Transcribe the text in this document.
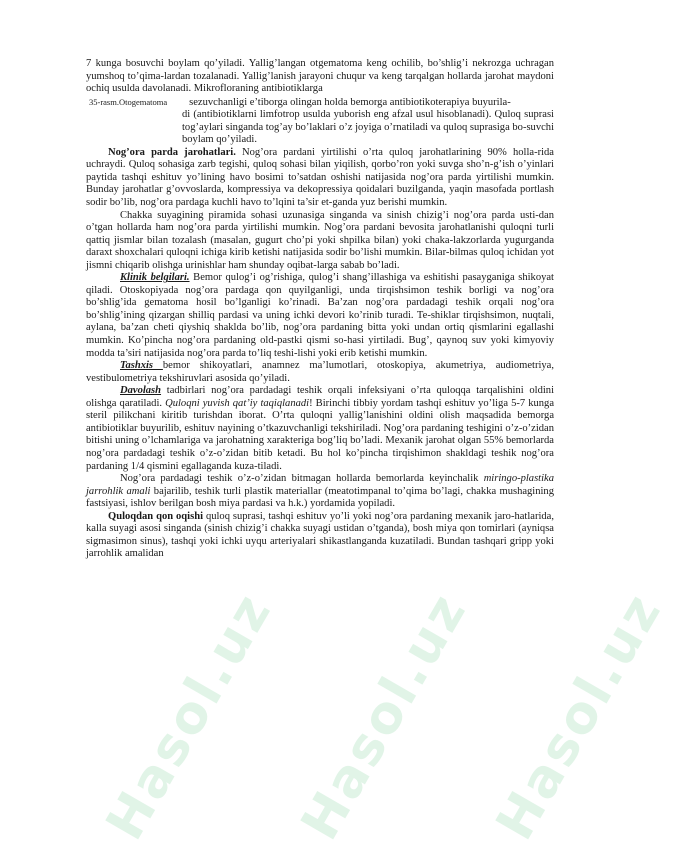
Hasol.uz Hasol.uz Hasol.uz

7 kunga bosuvchi boylam qo’yiladi. Yallig’langan otgematoma keng ochilib, bo’shlig’i nekrozga uchragan yumshoq to’qima-lardan tozalanadi. Yallig’lanish jarayoni chuqur va keng tarqalgan hollarda jarohat maydoni ochiq usulda davolanadi. Mikrofloraning antibiotiklarga

35-rasm.Otogematoma sezuvchanligi e’tiborga olingan holda bemorga antibiotikoterapiya buyurila-

di (antibiotiklarni limfotrop usulda yuborish eng afzal usul hisoblanadi). Quloq suprasi tog’aylari singanda tog’ay bo’laklari o’z joyiga o’rnatiladi va quloq suprasiga bo-suvchi boylam qo’yiladi.

Nog’ora parda jarohatlari. Nog’ora pardani yirtilishi o’rta quloq jarohatlarining 90% holla-rida uchraydi. Quloq sohasiga zarb tegishi, quloq sohasi bilan yiqilish, qorbo’ron yoki suvga sho’n-g’ish o’yinlari paytida tashqi eshituv yo’lining havo bosimi to’satdan oshishi natijasida nog’ora parda yirtilishi mumkin. Bunday jarohatlar g’ovvoslarda, kompressiya va dekopressiya qoidalari buzilganda, yaqin masofada portlash sodir bo’lib, nog’ora pardaga kuchli havo to’lqini ta’sir et-ganda yuz berishi mumkin.

Chakka suyagining piramida sohasi uzunasiga singanda va sinish chizig’i nog’ora parda usti-dan o’tgan hollarda ham nog’ora parda yirtilishi mumkin. Nog’ora pardani bevosita jarohatlanishi quloqni turli qattiq jismlar bilan tozalash (masalan, gugurt cho’pi yoki shpilka bilan) yoki chaka-lakzorlarda yugurganda daraxt shoxchalari quloqni ichiga kirib ketishi natijasida sodir bo’lishi mumkin. Bilar-bilmas quloq ichidan yot jismni chiqarib olishga urinishlar ham shunday oqibat-larga sabab bo’ladi.

Klinik belgilari. Bemor qulog’i og’rishiga, qulog’i shang’illashiga va eshitishi pasayganiga shikoyat qiladi. Otoskopiyada nog’ora pardaga qon quyilganligi, unda tirqishsimon teshik borligi va nog’ora bo’shlig’ida gematoma hosil bo’lganligi ko’rinadi. Ba’zan nog’ora pardadagi teshik orqali nog’ora bo’shlig’ining qizargan shilliq pardasi va uning ichki devori ko’rinib turadi. Te-shiklar tirqishsimon, nuqtali, aylana, ba’zan cheti qiyshiq shaklda bo’lib, nog’ora pardaning bitta yoki undan ortiq qismlarini egallashi mumkin. Ko’pincha nog’ora pardaning old-pastki qismi so-hasi yirtiladi. Bug’, qaynoq suv yoki kimyoviy modda ta’siri natijasida nog’ora parda to’liq teshi-lishi yoki erib ketishi mumkin.

Tashxis bemor shikoyatlari, anamnez ma’lumotlari, otoskopiya, akumetriya, audiometriya, vestibulometriya tekshiruvlari asosida qo’yiladi.

Davolash tadbirlari nog’ora pardadagi teshik orqali infeksiyani o’rta quloqqa tarqalishini oldini olishga qaratiladi. Quloqni yuvish qat’iy taqiqlanadi! Birinchi tibbiy yordam tashqi eshituv yo’liga 5-7 kunga steril pilikchani kiritib turishdan iborat. O’rta quloqni yallig’lanishini oldini olish maqsadida bemorga antibiotiklar buyurilib, eshituv nayining o’tkazuvchanligi tekshiriladi. Nog’ora pardaning teshigini o’z-o’zidan bitishi uning o’lchamlariga va jarohatning xarakteriga bog’liq bo’ladi. Mexanik jarohat olgan 55% bemorlarda nog’ora pardadagi teshik o’z-o’zidan bitib ketadi. Bu hol ko’pincha tirqishimon shakldagi teshik nog’ora pardaning 1/4 qismini egallaganda kuza-tiladi.

Nog’ora pardadagi teshik o’z-o’zidan bitmagan hollarda bemorlarda keyinchalik miringo-plastika jarrohlik amali bajarilib, teshik turli plastik materiallar (meatotimpanal to’qima bo’lagi, chakka mushagining fastsiyasi, ishlov berilgan bosh miya pardasi va h.k.) yordamida yopiladi.

Quloqdan qon oqishi quloq suprasi, tashqi eshituv yo’li yoki nog’ora pardaning mexanik jaro-hatlarida, kalla suyagi asosi singanda (sinish chizig’i chakka suyagi ustidan o’tganda), bosh miya qon tomirlari (ayniqsa sigmasimon sinus), tashqi yoki ichki uyqu arteriyalari shikastlanganda kuzatiladi. Bundan tashqari gripp yoki jarrohlik amalidan
